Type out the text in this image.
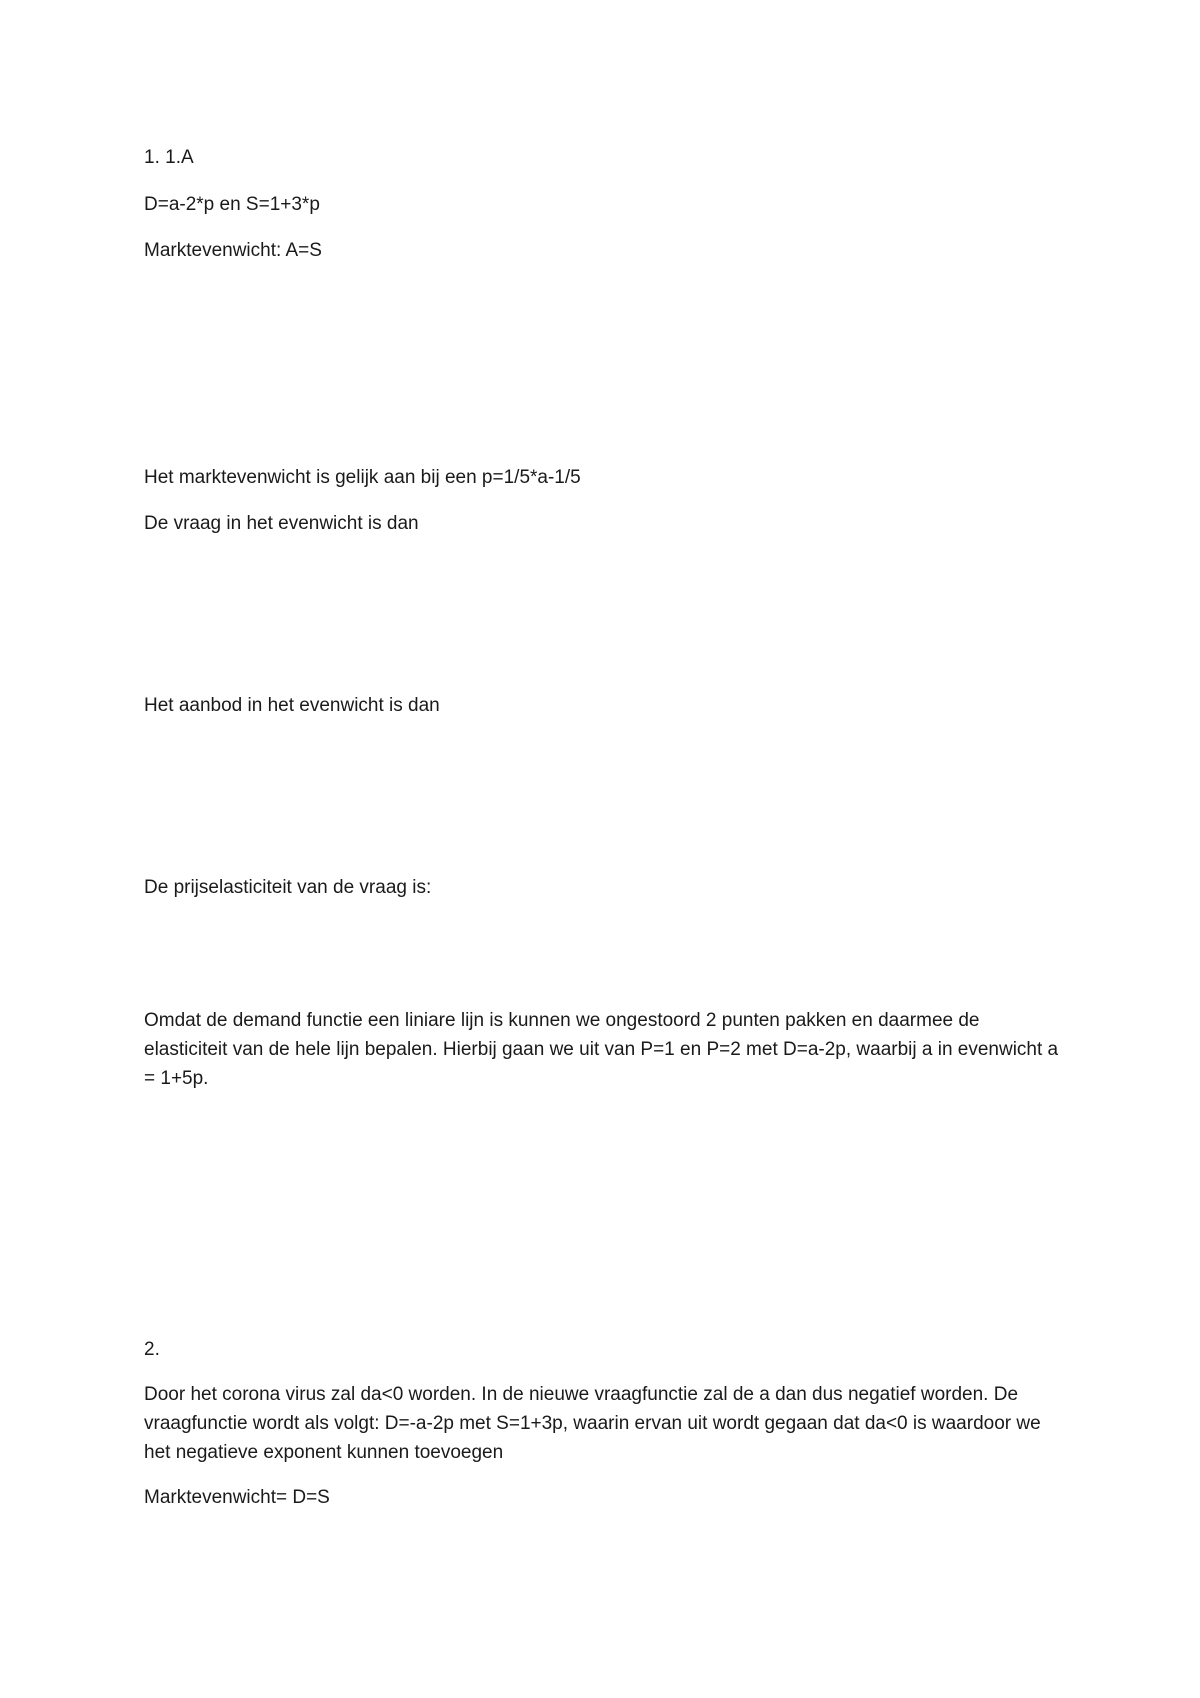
1. 1.A
D=a-2*p en S=1+3*p
Marktevenwicht: A=S
Het marktevenwicht is gelijk aan bij een p=1/5*a-1/5
De vraag in het evenwicht is dan
Het aanbod in het evenwicht is dan
De prijselasticiteit van de vraag is:
Omdat de demand functie een liniare lijn is kunnen we ongestoord 2 punten pakken en daarmee de elasticiteit van de hele lijn bepalen. Hierbij gaan we uit van P=1 en P=2 met D=a-2p, waarbij a in evenwicht a = 1+5p.
2.
Door het corona virus zal da<0 worden. In de nieuwe vraagfunctie zal de a dan dus negatief worden. De vraagfunctie wordt als volgt: D=-a-2p met S=1+3p, waarin ervan uit wordt gegaan dat da<0 is waardoor we het negatieve exponent kunnen toevoegen
Marktevenwicht= D=S
